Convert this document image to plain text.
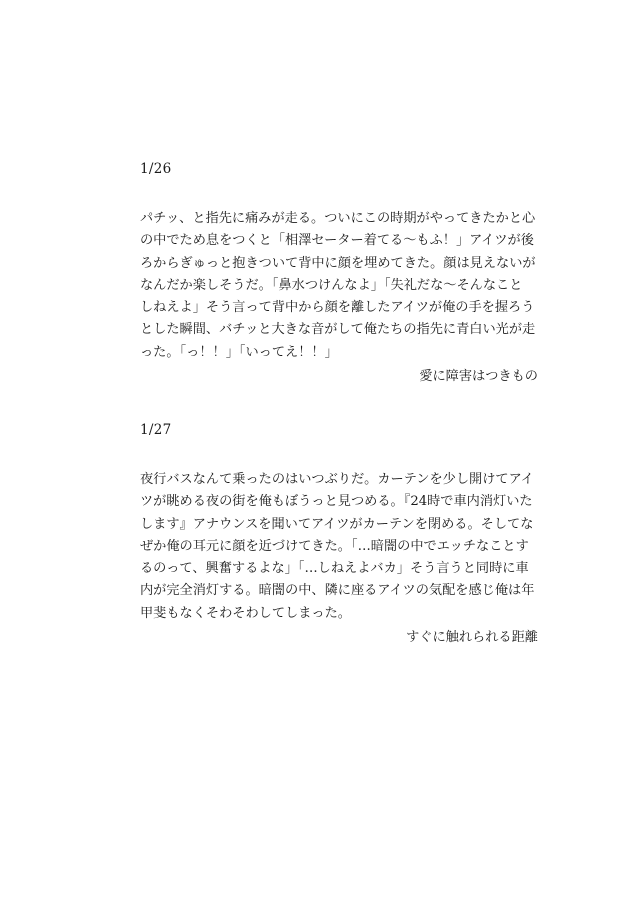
1/26
パチッ、と指先に痛みが走る。ついにこの時期がやってきたかと心
の中でため息をつくと「相澤セーター着てる～もふ！」アイツが後
ろからぎゅっと抱きついて背中に顔を埋めてきた。顔は見えないが
なんだか楽しそうだ。「鼻水つけんなよ」「失礼だな～そんなこと
しねえよ」そう言って背中から顔を離したアイツが俺の手を握ろう
とした瞬間、バチッと大きな音がして俺たちの指先に青白い光が走
った。「っ！！」「いってえ！！」
愛に障害はつきもの
1/27
夜行バスなんて乗ったのはいつぶりだ。カーテンを少し開けてアイ
ツが眺める夜の街を俺もぼうっと見つめる。『24時で車内消灯いた
します』アナウンスを聞いてアイツがカーテンを閉める。そしてな
ぜか俺の耳元に顔を近づけてきた。「…暗闇の中でエッチなことす
るのって、興奮するよな」「…しねえよバカ」そう言うと同時に車
内が完全消灯する。暗闇の中、隣に座るアイツの気配を感じ俺は年
甲斐もなくそわそわしてしまった。
すぐに触れられる距離
